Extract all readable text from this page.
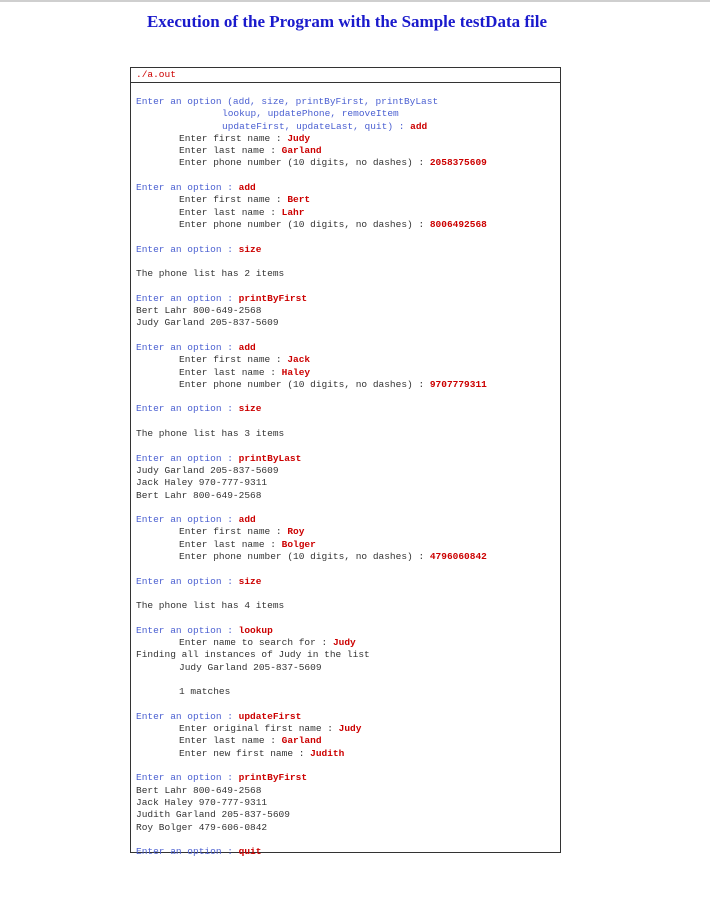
Execution of the Program with the Sample testData file
./a.out
Enter an option (add, size, printByFirst, printByLast
lookup, updatePhone, removeItem
updateFirst, updateLast, quit) : add
Enter first name : Judy
Enter last name : Garland
Enter phone number (10 digits, no dashes) : 2058375609
Enter an option : add
Enter first name : Bert
Enter last name : Lahr
Enter phone number (10 digits, no dashes) : 8006492568
Enter an option : size
The phone list has 2 items
Enter an option : printByFirst
Bert Lahr 800-649-2568
Judy Garland 205-837-5609
Enter an option : add
Enter first name : Jack
Enter last name : Haley
Enter phone number (10 digits, no dashes) : 9707779311
Enter an option : size
The phone list has 3 items
Enter an option : printByLast
Judy Garland 205-837-5609
Jack Haley 970-777-9311
Bert Lahr 800-649-2568
Enter an option : add
Enter first name : Roy
Enter last name : Bolger
Enter phone number (10 digits, no dashes) : 4796060842
Enter an option : size
The phone list has 4 items
Enter an option : lookup
Enter name to search for : Judy
Finding all instances of Judy in the list
Judy Garland 205-837-5609
1 matches
Enter an option : updateFirst
Enter original first name : Judy
Enter last name : Garland
Enter new first name : Judith
Enter an option : printByFirst
Bert Lahr 800-649-2568
Jack Haley 970-777-9311
Judith Garland 205-837-5609
Roy Bolger 479-606-0842
Enter an option : quit
